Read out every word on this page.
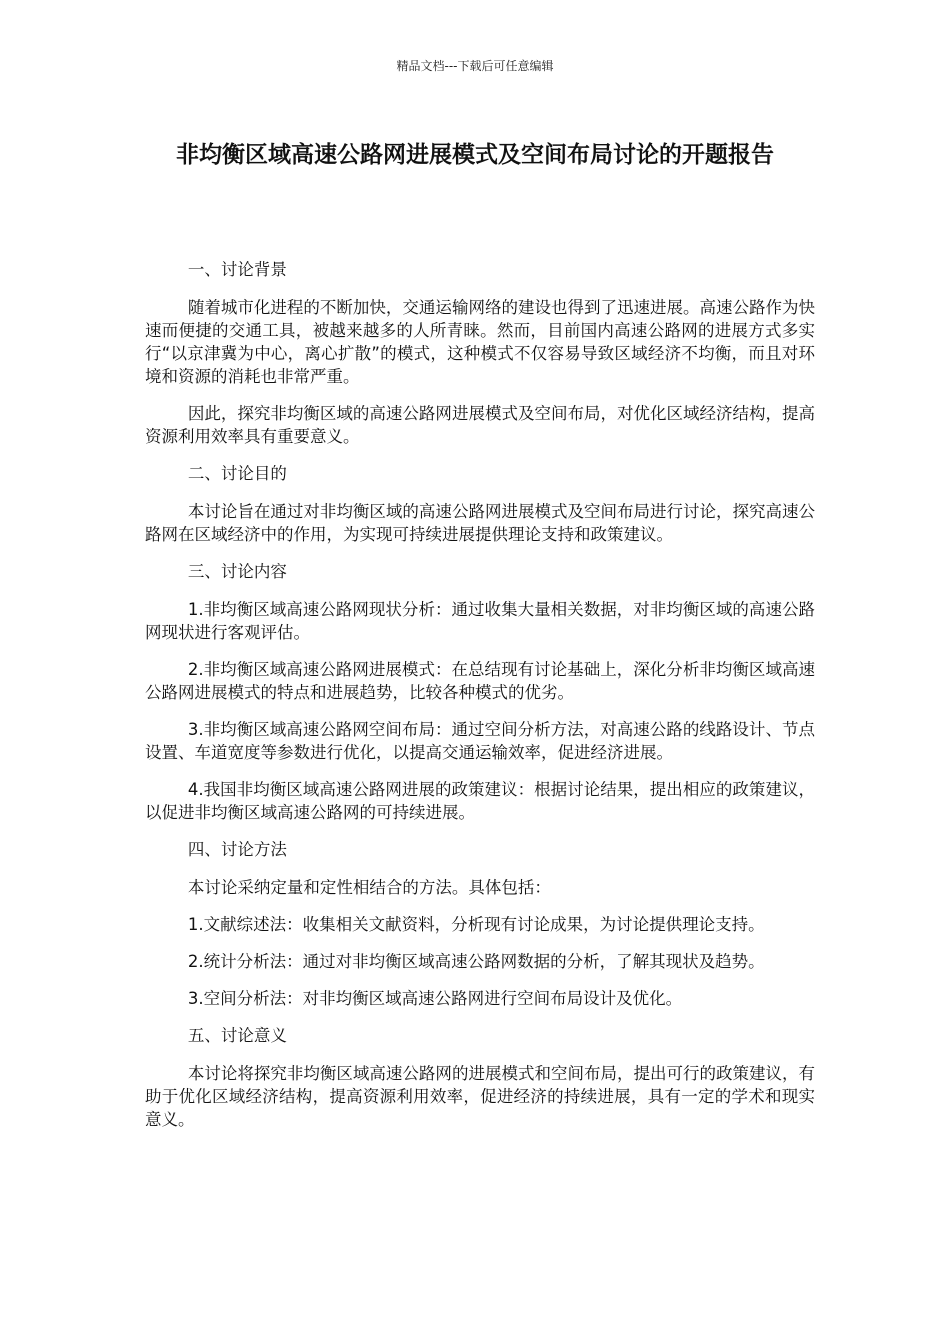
精品文档---下载后可任意编辑
非均衡区域高速公路网进展模式及空间布局讨论的开题报告

一、讨论背景

随着城市化进程的不断加快，交通运输网络的建设也得到了迅速进展。高速公路作为快速而便捷的交通工具，被越来越多的人所青睐。然而，目前国内高速公路网的进展方式多实行“以京津冀为中心，离心扩散”的模式，这种模式不仅容易导致区域经济不均衡，而且对环境和资源的消耗也非常严重。

因此，探究非均衡区域的高速公路网进展模式及空间布局，对优化区域经济结构，提高资源利用效率具有重要意义。

二、讨论目的

本讨论旨在通过对非均衡区域的高速公路网进展模式及空间布局进行讨论，探究高速公路网在区域经济中的作用，为实现可持续进展提供理论支持和政策建议。

三、讨论内容

1.非均衡区域高速公路网现状分析：通过收集大量相关数据，对非均衡区域的高速公路网现状进行客观评估。

2.非均衡区域高速公路网进展模式：在总结现有讨论基础上，深化分析非均衡区域高速公路网进展模式的特点和进展趋势，比较各种模式的优劣。

3.非均衡区域高速公路网空间布局：通过空间分析方法，对高速公路的线路设计、节点设置、车道宽度等参数进行优化，以提高交通运输效率，促进经济进展。

4.我国非均衡区域高速公路网进展的政策建议：根据讨论结果，提出相应的政策建议，以促进非均衡区域高速公路网的可持续进展。

四、讨论方法

本讨论采纳定量和定性相结合的方法。具体包括：

1.文献综述法：收集相关文献资料，分析现有讨论成果，为讨论提供理论支持。

2.统计分析法：通过对非均衡区域高速公路网数据的分析，了解其现状及趋势。

3.空间分析法：对非均衡区域高速公路网进行空间布局设计及优化。

五、讨论意义

本讨论将探究非均衡区域高速公路网的进展模式和空间布局，提出可行的政策建议，有助于优化区域经济结构，提高资源利用效率，促进经济的持续进展，具有一定的学术和现实意义。
